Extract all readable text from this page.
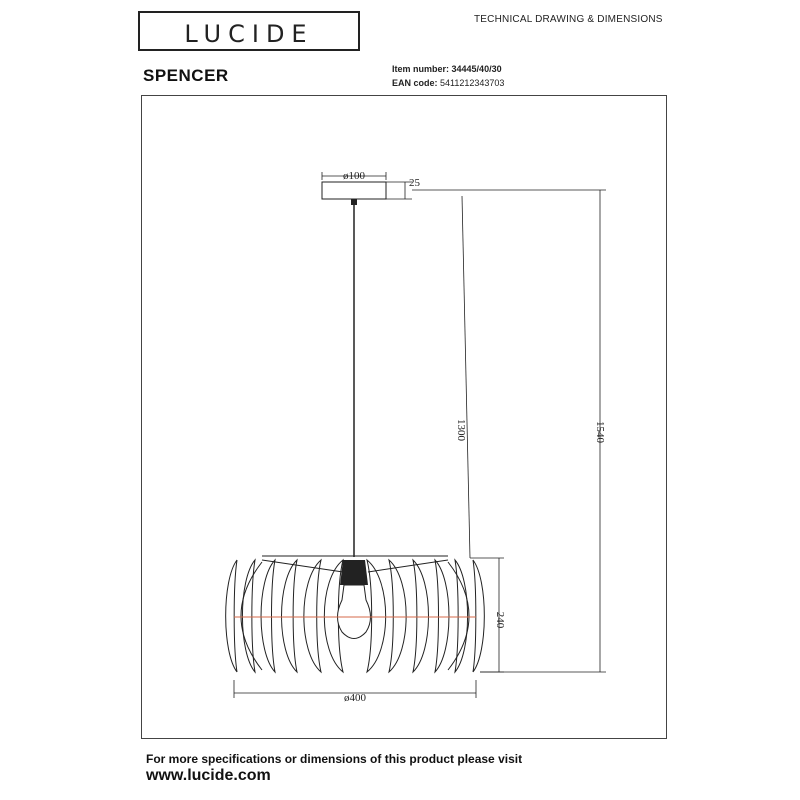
LUCIDE
TECHNICAL DRAWING & DIMENSIONS
SPENCER	Item number: 34445/40/30
EAN code: 5411212343703
ø100
25
1540
1300
240
ø400
For more specifications or dimensions of this product please visit
www.lucide.com
